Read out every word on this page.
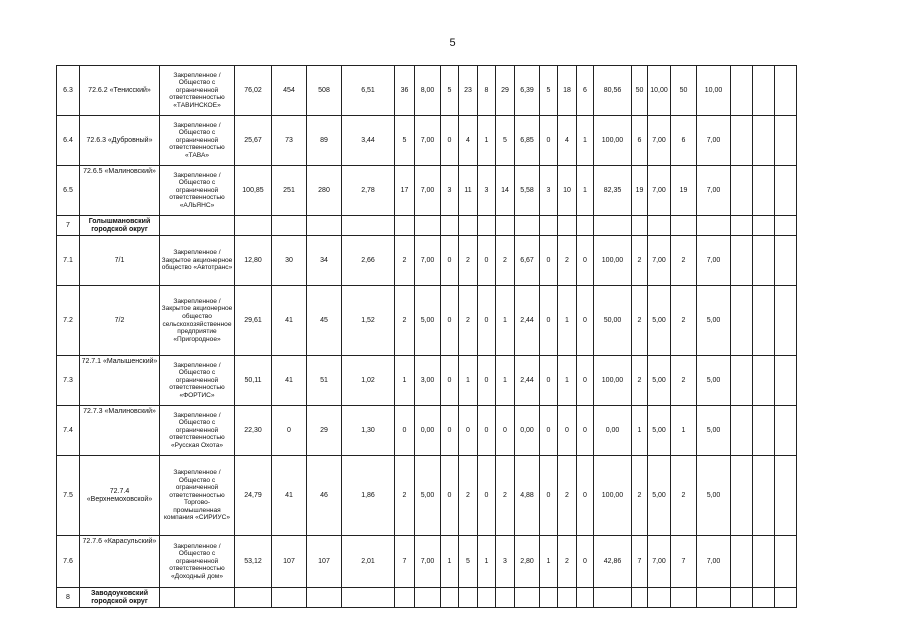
5
6.3	72.6.2 «Тенисский»	Закрепленное / Общество с ограниченной ответственностью «ТАВИНСКОЕ»	76,02	454	508	6,51	36	8,00	5	23	8	29	6,39	5	18	6	80,56	50	10,00	50	10,00			
6.4	72.6.3 «Дубровный»	Закрепленное / Общество с ограниченной ответственностью «ТАВА»	25,67	73	89	3,44	5	7,00	0	4	1	5	6,85	0	4	1	100,00	6	7,00	6	7,00			
6.5	72.6.5 «Малиновский»	Закрепленное / Общество с ограниченной ответственностью «АЛЬЯНС»	100,85	251	280	2,78	17	7,00	3	11	3	14	5,58	3	10	1	82,35	19	7,00	19	7,00			
7	Голышмановский городской округ																							
7.1	7/1	Закрепленное / Закрытое акционерное общество «Автотранс»	12,80	30	34	2,66	2	7,00	0	2	0	2	6,67	0	2	0	100,00	2	7,00	2	7,00			
7.2	7/2	Закрепленное / Закрытое акционерное общество сельскохозяйственное предприятие «Пригородное»	29,61	41	45	1,52	2	5,00	0	2	0	1	2,44	0	1	0	50,00	2	5,00	2	5,00			
7.3	72.7.1 «Малышенский»	Закрепленное / Общество с ограниченной ответственностью «ФОРТИС»	50,11	41	51	1,02	1	3,00	0	1	0	1	2,44	0	1	0	100,00	2	5,00	2	5,00			
7.4	72.7.3 «Малиновский»	Закрепленное / Общество с ограниченной ответственностью «Русская Охота»	22,30	0	29	1,30	0	0,00	0	0	0	0	0,00	0	0	0	0,00	1	5,00	1	5,00			
7.5	72.7.4 «Верхнемоховской»	Закрепленное / Общество с ограниченной ответственностью Торгово-промышленная компания «СИРИУС»	24,79	41	46	1,86	2	5,00	0	2	0	2	4,88	0	2	0	100,00	2	5,00	2	5,00			
7.6	72.7.6 «Карасульский»	Закрепленное / Общество с ограниченной ответственностью «Доходный дом»	53,12	107	107	2,01	7	7,00	1	5	1	3	2,80	1	2	0	42,86	7	7,00	7	7,00			
8	Заводоуковский городской округ																							
